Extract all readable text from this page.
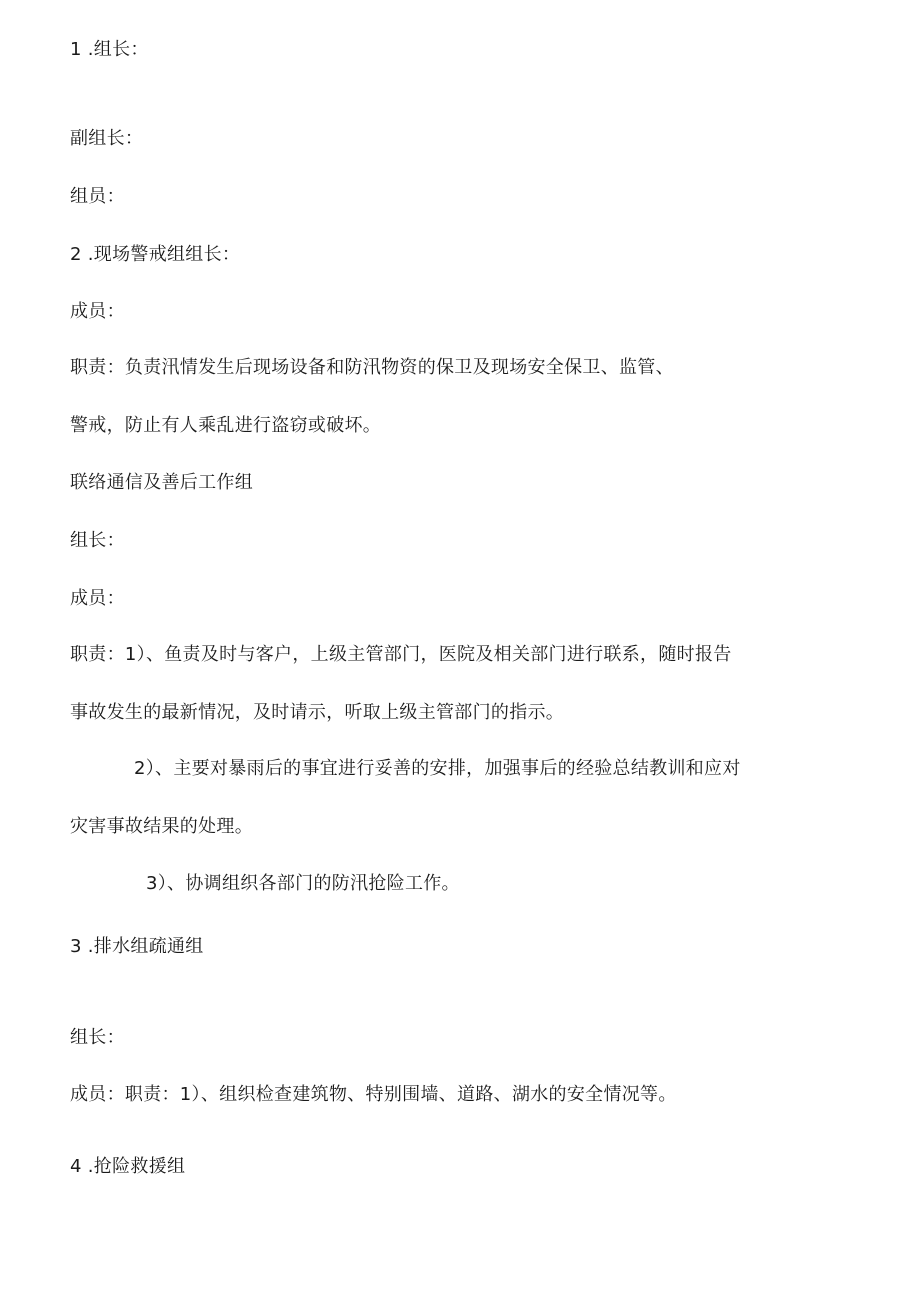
1 .组长：
副组长：
组员：
2 .现场警戒组组长：
成员：
职责：负责汛情发生后现场设备和防汛物资的保卫及现场安全保卫、监管、
警戒，防止有人乘乱进行盗窃或破坏。
联络通信及善后工作组
组长：
成员：
职责：1）、鱼责及时与客户，上级主管部门，医院及相关部门进行联系，随时报告
事故发生的最新情况，及时请示，听取上级主管部门的指示。
2）、主要对暴雨后的事宜进行妥善的安排，加强事后的经验总结教训和应对
灾害事故结果的处理。
3）、协调组织各部门的防汛抢险工作。
3 .排水组疏通组
组长：
成员：职责：1）、组织检查建筑物、特别围墙、道路、湖水的安全情况等。
4 .抢险救援组
